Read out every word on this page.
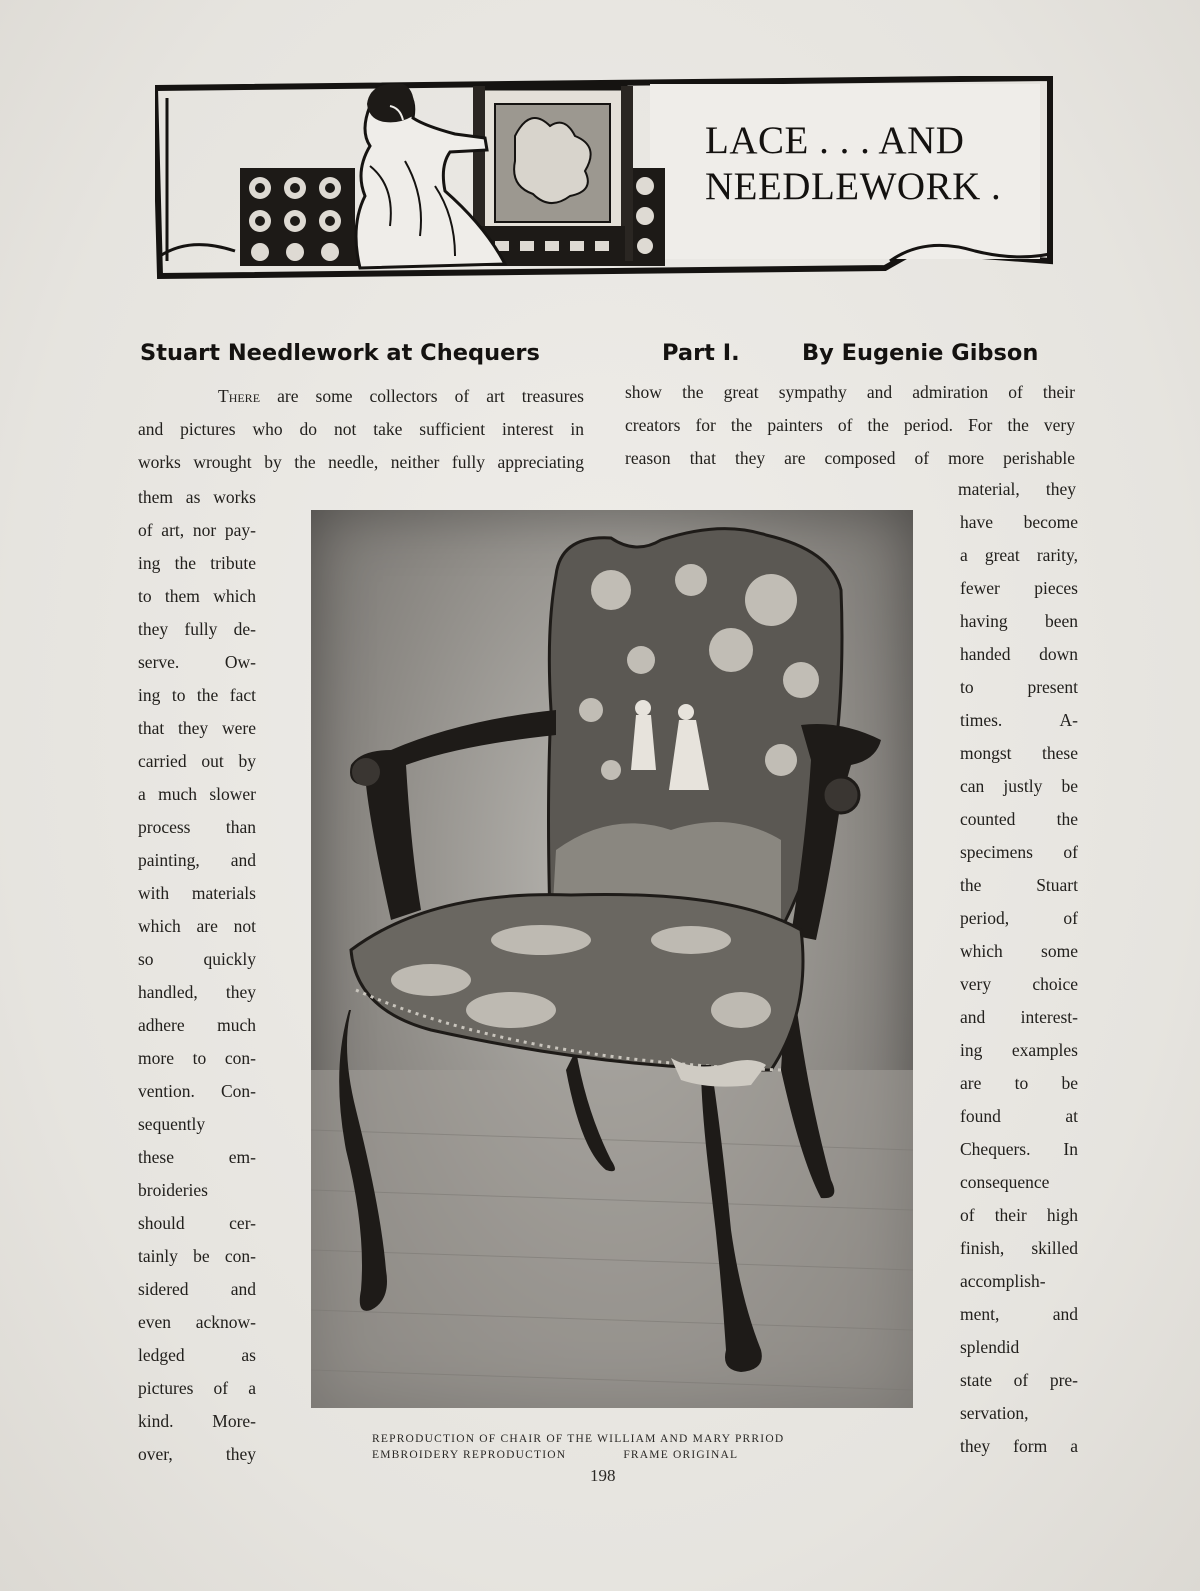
LACE . . . AND
NEEDLEWORK .
Stuart Needlework at Chequers	Part I.	By Eugenie Gibson
There are some collectors of art treasures
and pictures who do not take sufficient interest in
works wrought by the needle, neither fully appreciating
show the great sympathy and admiration of their
creators for the painters of the period. For the very
reason that they are composed of more perishable
them as works
of art, nor pay-
ing the tribute
to them which
they fully de-
serve. Ow-
ing to the fact
that they were
carried out by
a much slower
process than
painting, and
with materials
which are not
so quickly
handled, they
adhere much
more to con-
vention. Con-
sequently
these em-
broideries
should cer-
tainly be con-
sidered and
even acknow-
ledged as
pictures of a
kind. More-
over, they
material, they
have become
a great rarity,
fewer pieces
having been
handed down
to present
times. A-
mongst these
can justly be
counted the
specimens of
the Stuart
period, of
which some
very choice
and interest-
ing examples
are to be
found at
Chequers. In
consequence
of their high
finish, skilled
accomplish-
ment, and
splendid
state of pre-
servation,
they form a
REPRODUCTION OF CHAIR OF THE WILLIAM AND MARY PRRIOD
EMBROIDERY REPRODUCTION	FRAME ORIGINAL
198
